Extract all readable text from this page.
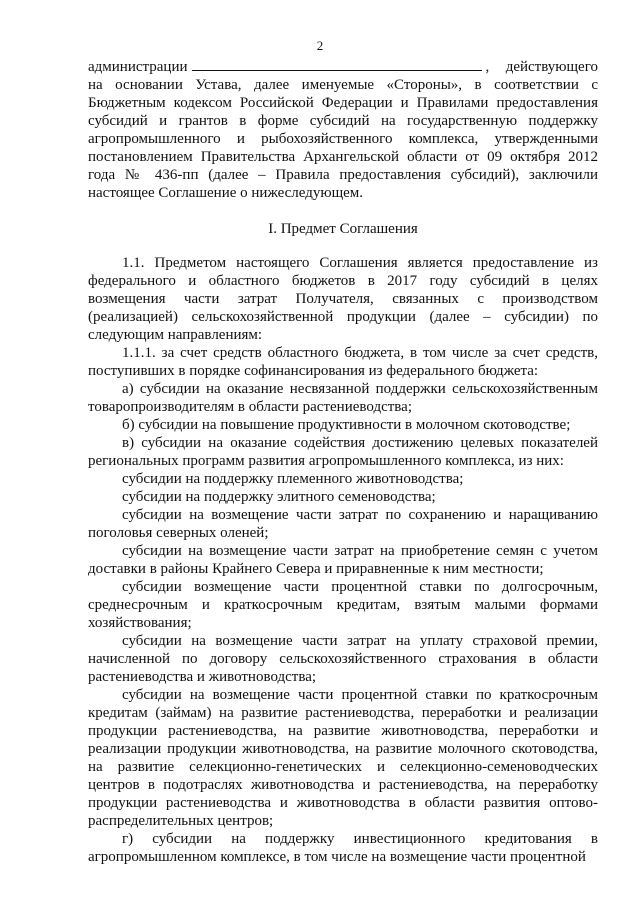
2

администрации	, действующего на основании Устава, далее именуемые «Стороны», в соответствии с Бюджетным кодексом Российской Федерации и Правилами предоставления субсидий и грантов в форме субсидий на государственную поддержку агропромышленного и рыбохозяйственного комплекса, утвержденными постановлением Правительства Архангельской области от 09 октября 2012 года № 436-пп (далее – Правила предоставления субсидий), заключили настоящее Соглашение о нижеследующем.

I. Предмет Соглашения

1.1. Предметом настоящего Соглашения является предоставление из федерального и областного бюджетов в 2017 году субсидий в целях возмещения части затрат Получателя, связанных с производством (реализацией) сельскохозяйственной продукции (далее – субсидии) по следующим направлениям:

1.1.1. за счет средств областного бюджета, в том числе за счет средств, поступивших в порядке софинансирования из федерального бюджета:

а) субсидии на оказание несвязанной поддержки сельскохозяйственным товаропроизводителям в области растениеводства;

б) субсидии на повышение продуктивности в молочном скотоводстве;

в) субсидии на оказание содействия достижению целевых показателей региональных программ развития агропромышленного комплекса, из них:

субсидии на поддержку племенного животноводства;

субсидии на поддержку элитного семеноводства;

субсидии на возмещение части затрат по сохранению и наращиванию поголовья северных оленей;

субсидии на возмещение части затрат на приобретение семян с учетом доставки в районы Крайнего Севера и приравненные к ним местности;

субсидии возмещение части процентной ставки по долгосрочным, среднесрочным и краткосрочным кредитам, взятым малыми формами хозяйствования;

субсидии на возмещение части затрат на уплату страховой премии, начисленной по договору сельскохозяйственного страхования в области растениеводства и животноводства;

субсидии на возмещение части процентной ставки по краткосрочным кредитам (займам) на развитие растениеводства, переработки и реализации продукции растениеводства, на развитие животноводства, переработки и реализации продукции животноводства, на развитие молочного скотоводства, на развитие селекционно-генетических и селекционно-семеноводческих центров в подотраслях животноводства и растениеводства, на переработку продукции растениеводства и животноводства в области развития оптово-распределительных центров;

г) субсидии на поддержку инвестиционного кредитования в агропромышленном комплексе, в том числе на возмещение части процентной
